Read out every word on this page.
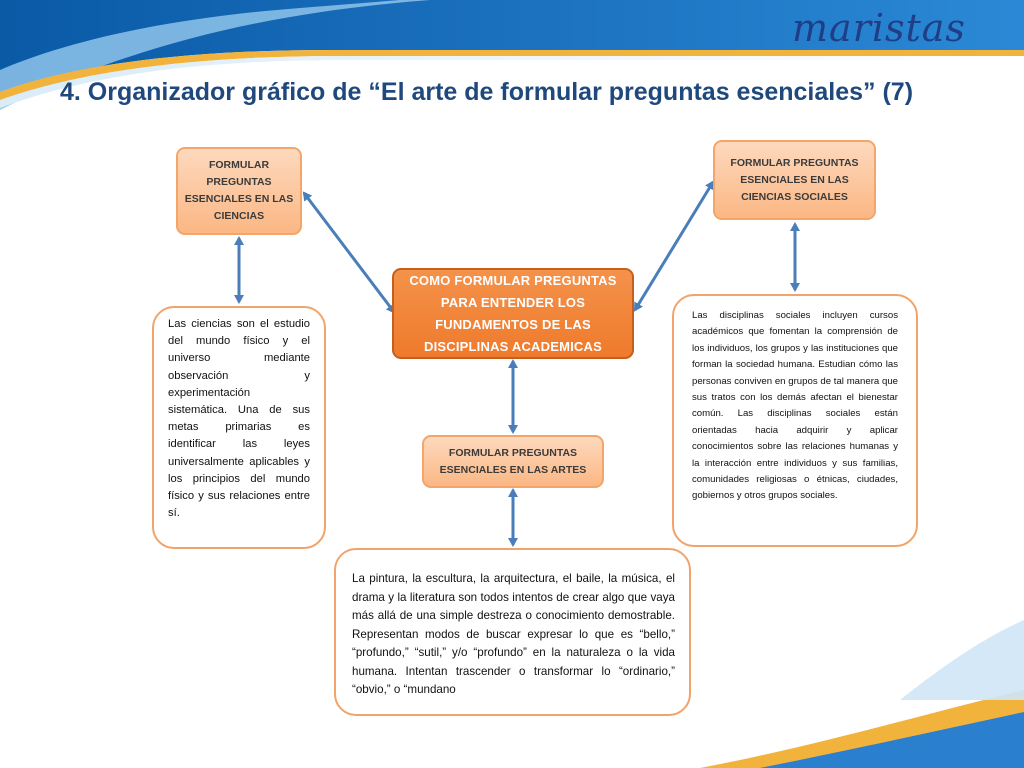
maristas
4. Organizador gráfico de “El arte de formular preguntas esenciales” (7)
FORMULAR PREGUNTAS ESENCIALES EN LAS CIENCIAS
FORMULAR PREGUNTAS ESENCIALES EN LAS CIENCIAS SOCIALES
COMO FORMULAR PREGUNTAS PARA ENTENDER LOS FUNDAMENTOS DE LAS DISCIPLINAS ACADEMICAS
FORMULAR PREGUNTAS ESENCIALES EN LAS ARTES
Las ciencias son el estudio del mundo físico y el universo mediante observación y experimentación sistemática. Una de sus metas primarias es identificar las leyes universalmente aplicables y los principios del mundo físico y sus relaciones entre sí.
Las disciplinas sociales incluyen cursos académicos que fomentan la comprensión de los individuos, los grupos y las instituciones que forman la sociedad humana. Estudian cómo las personas conviven en grupos de tal manera que sus tratos con los demás afectan el bienestar común. Las disciplinas sociales están orientadas hacia adquirir y aplicar conocimientos sobre las relaciones humanas y la interacción entre individuos y sus familias, comunidades religiosas o étnicas, ciudades, gobiernos y otros grupos sociales.
La pintura, la escultura, la arquitectura, el baile, la música, el drama y la literatura son todos intentos de crear algo que vaya más allá de una simple destreza o conocimiento demostrable. Representan modos de buscar expresar lo que es “bello,” “profundo,” “sutil,” y/o “profundo” en la naturaleza o la vida humana. Intentan trascender o transformar lo “ordinario,” “obvio,” o “mundano
